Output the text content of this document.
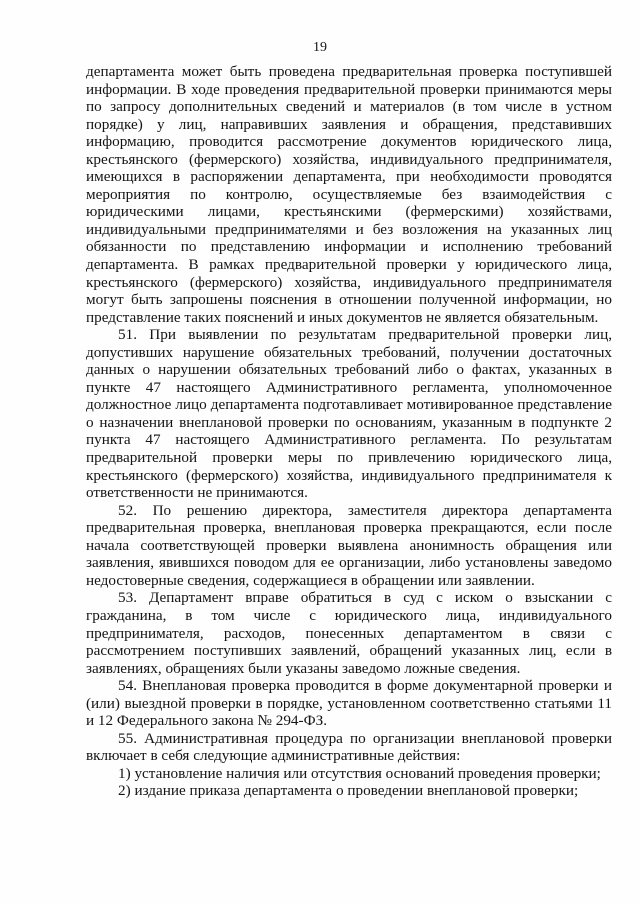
19

департамента может быть проведена предварительная проверка поступившей информации. В ходе проведения предварительной проверки принимаются меры по запросу дополнительных сведений и материалов (в том числе в устном порядке) у лиц, направивших заявления и обращения, представивших информацию, проводится рассмотрение документов юридического лица, крестьянского (фермерского) хозяйства, индивидуального предпринимателя, имеющихся в распоряжении департамента, при необходимости проводятся мероприятия по контролю, осуществляемые без взаимодействия с юридическими лицами, крестьянскими (фермерскими) хозяйствами, индивидуальными предпринимателями и без возложения на указанных лиц обязанности по представлению информации и исполнению требований департамента. В рамках предварительной проверки у юридического лица, крестьянского (фермерского) хозяйства, индивидуального предпринимателя могут быть запрошены пояснения в отношении полученной информации, но представление таких пояснений и иных документов не является обязательным.

51. При выявлении по результатам предварительной проверки лиц, допустивших нарушение обязательных требований, получении достаточных данных о нарушении обязательных требований либо о фактах, указанных в пункте 47 настоящего Административного регламента, уполномоченное должностное лицо департамента подготавливает мотивированное представление о назначении внеплановой проверки по основаниям, указанным в подпункте 2 пункта 47 настоящего Административного регламента. По результатам предварительной проверки меры по привлечению юридического лица, крестьянского (фермерского) хозяйства, индивидуального предпринимателя к ответственности не принимаются.

52. По решению директора, заместителя директора департамента предварительная проверка, внеплановая проверка прекращаются, если после начала соответствующей проверки выявлена анонимность обращения или заявления, явившихся поводом для ее организации, либо установлены заведомо недостоверные сведения, содержащиеся в обращении или заявлении.

53. Департамент вправе обратиться в суд с иском о взыскании с гражданина, в том числе с юридического лица, индивидуального предпринимателя, расходов, понесенных департаментом в связи с рассмотрением поступивших заявлений, обращений указанных лиц, если в заявлениях, обращениях были указаны заведомо ложные сведения.

54. Внеплановая проверка проводится в форме документарной проверки и (или) выездной проверки в порядке, установленном соответственно статьями 11 и 12 Федерального закона № 294-ФЗ.

55. Административная процедура по организации внеплановой проверки включает в себя следующие административные действия:

1) установление наличия или отсутствия оснований проведения проверки;

2) издание приказа департамента о проведении внеплановой проверки;
